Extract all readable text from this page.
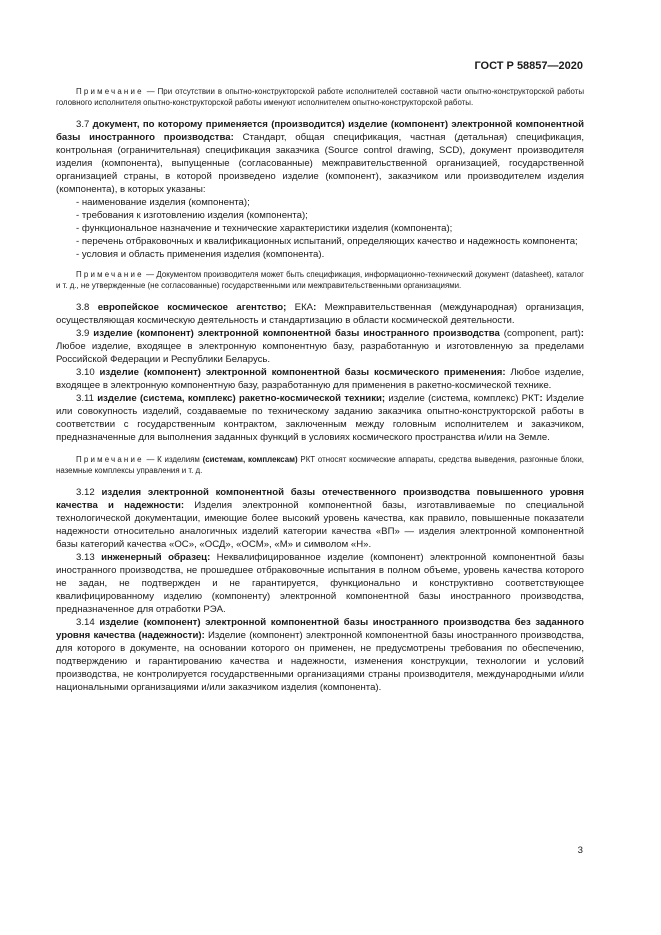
ГОСТ Р 58857—2020

Примечание — При отсутствии в опытно-конструкторской работе исполнителей составной части опытно-конструкторской работы головного исполнителя опытно-конструкторской работы именуют исполнителем опытно-конструкторской работы.

3.7 документ, по которому применяется (производится) изделие (компонент) электронной компонентной базы иностранного производства: Стандарт, общая спецификация, частная (детальная) спецификация, контрольная (ограничительная) спецификация заказчика (Source control drawing, SCD), документ производителя изделия (компонента), выпущенные (согласованные) межправительственной организацией, государственной организацией страны, в которой произведено изделие (компонент), заказчиком или производителем изделия (компонента), в которых указаны:

- наименование изделия (компонента);

- требования к изготовлению изделия (компонента);

- функциональное назначение и технические характеристики изделия (компонента);

- перечень отбраковочных и квалификационных испытаний, определяющих качество и надежность компонента;

- условия и область применения изделия (компонента).

Примечание — Документом производителя может быть спецификация, информационно-технический документ (datasheet), каталог и т. д., не утвержденные (не согласованные) государственными или межправительственными организациями.

3.8 европейское космическое агентство; ЕКА: Межправительственная (международная) организация, осуществляющая космическую деятельность и стандартизацию в области космической деятельности.

3.9 изделие (компонент) электронной компонентной базы иностранного производства (component, part): Любое изделие, входящее в электронную компонентную базу, разработанную и изготовленную за пределами Российской Федерации и Республики Беларусь.

3.10 изделие (компонент) электронной компонентной базы космического применения: Любое изделие, входящее в электронную компонентную базу, разработанную для применения в ракетно-космической технике.

3.11 изделие (система, комплекс) ракетно-космической техники; изделие (система, комплекс) РКТ: Изделие или совокупность изделий, создаваемые по техническому заданию заказчика опытно-конструкторской работы в соответствии с государственным контрактом, заключенным между головным исполнителем и заказчиком, предназначенные для выполнения заданных функций в условиях космического пространства и/или на Земле.

Примечание — К изделиям (системам, комплексам) РКТ относят космические аппараты, средства выведения, разгонные блоки, наземные комплексы управления и т. д.

3.12 изделия электронной компонентной базы отечественного производства повышенного уровня качества и надежности: Изделия электронной компонентной базы, изготавливаемые по специальной технологической документации, имеющие более высокий уровень качества, как правило, повышенные показатели надежности относительно аналогичных изделий категории качества «ВП» — изделия электронной компонентной базы категорий качества «ОС», «ОСД», «ОСМ», «М» и символом «Н».

3.13 инженерный образец: Неквалифицированное изделие (компонент) электронной компонентной базы иностранного производства, не прошедшее отбраковочные испытания в полном объеме, уровень качества которого не задан, не подтвержден и не гарантируется, функционально и конструктивно соответствующее квалифицированному изделию (компоненту) электронной компонентной базы иностранного производства, предназначенное для отработки РЭА.

3.14 изделие (компонент) электронной компонентной базы иностранного производства без заданного уровня качества (надежности): Изделие (компонент) электронной компонентной базы иностранного производства, для которого в документе, на основании которого он применен, не предусмотрены требования по обеспечению, подтверждению и гарантированию качества и надежности, изменения конструкции, технологии и условий производства, не контролируется государственными организациями страны производителя, международными и/или национальными организациями и/или заказчиком изделия (компонента).

3
